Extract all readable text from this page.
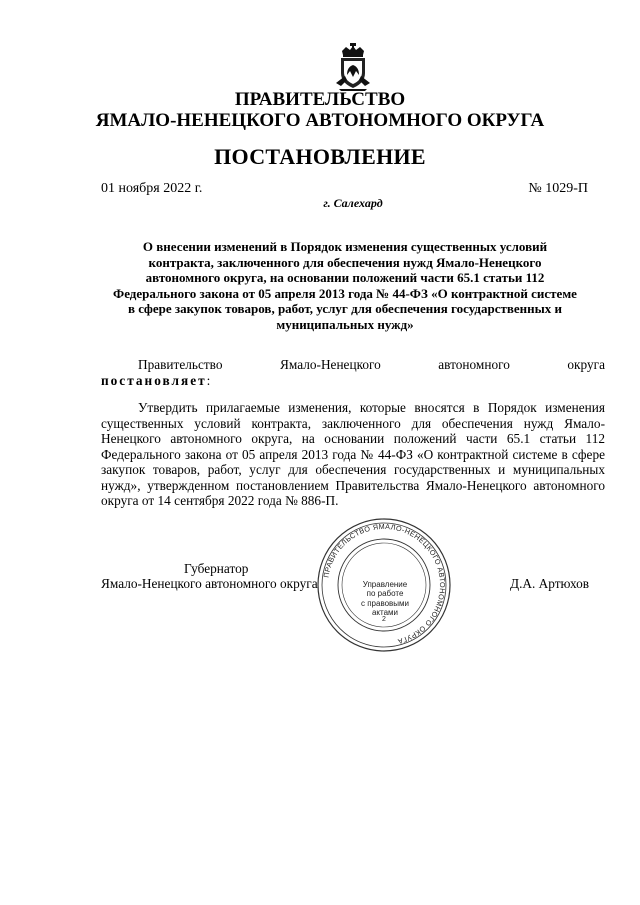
ПРАВИТЕЛЬСТВО
ЯМАЛО-НЕНЕЦКОГО АВТОНОМНОГО ОКРУГА
ПОСТАНОВЛЕНИЕ
01 ноября 2022 г.	№ 1029-П
г. Салехард
О внесении изменений в Порядок изменения существенных условий контракта, заключенного для обеспечения нужд Ямало-Ненецкого автономного округа, на основании положений части 65.1 статьи 112 Федерального закона от 05 апреля 2013 года № 44-ФЗ «О контрактной системе в сфере закупок товаров, работ, услуг для обеспечения государственных и муниципальных нужд»
Правительство	Ямало-Ненецкого	автономного	округа
постановляет:
Утвердить прилагаемые изменения, которые вносятся в Порядок изменения существенных условий контракта, заключенного для обеспечения нужд Ямало-Ненецкого автономного округа, на основании положений части 65.1 статьи 112 Федерального закона от 05 апреля 2013 года № 44-ФЗ «О контрактной системе в сфере закупок товаров, работ, услуг для обеспечения государственных и муниципальных нужд», утвержденном постановлением Правительства Ямало-Ненецкого автономного округа от 14 сентября 2022 года № 886-П.
Губернатор
Ямало-Ненецкого автономного округа	Д.А. Артюхов
ПРАВИТЕЛЬСТВО ЯМАЛО-НЕНЕЦКОГО АВТОНОМНОГО ОКРУГА
2
Управление
по работе
с правовыми
актами
